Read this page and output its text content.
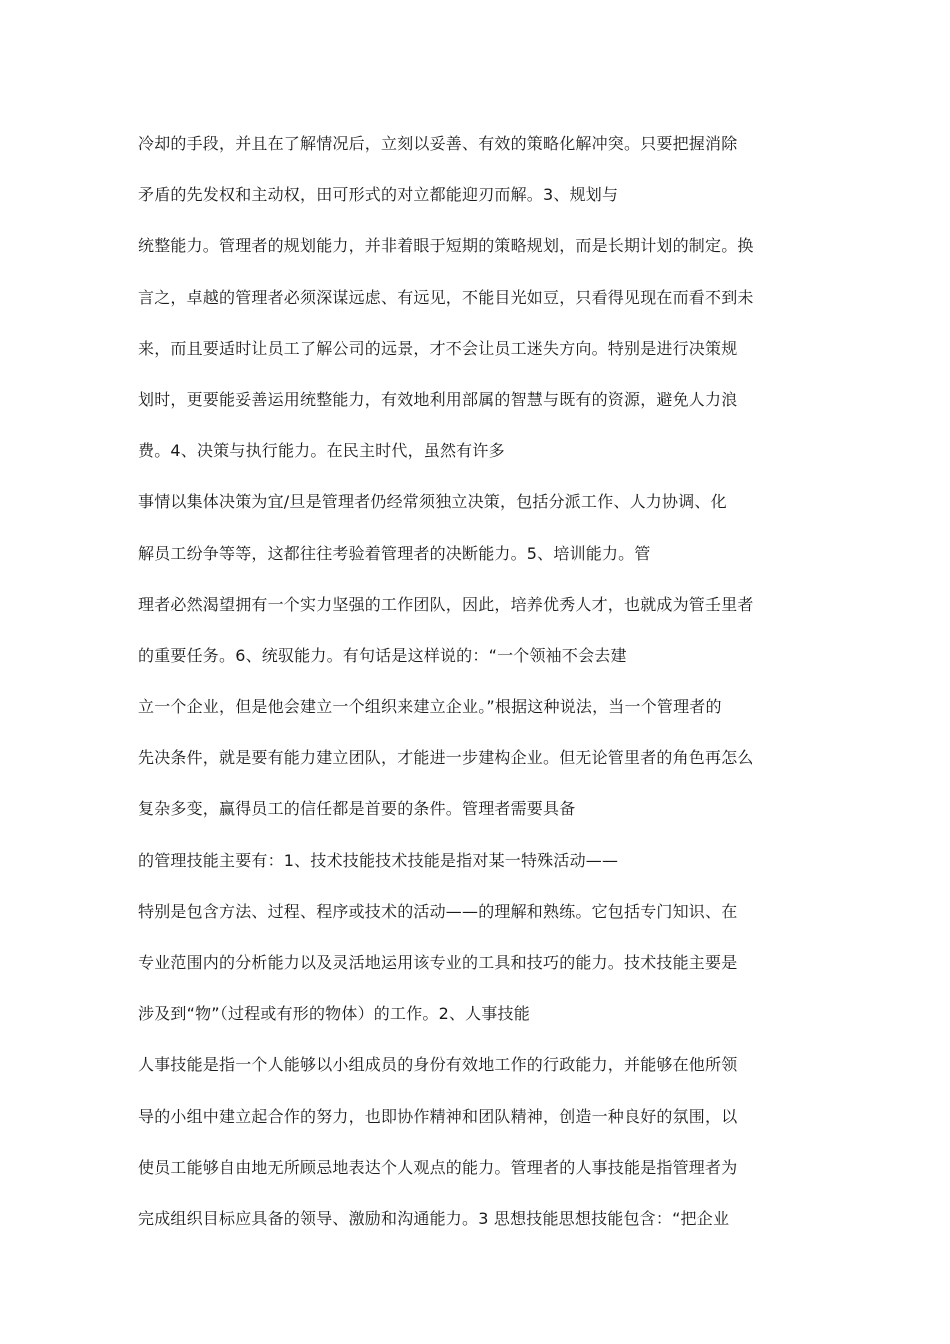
冷却的手段，并且在了解情况后，立刻以妥善、有效的策略化解冲突。只要把握消除
矛盾的先发权和主动权，田可形式的对立都能迎刃而解。3、规划与
统整能力。管理者的规划能力，并非着眼于短期的策略规划，而是长期计划的制定。换
言之，卓越的管理者必须深谋远虑、有远见，不能目光如豆，只看得见现在而看不到未
来，而且要适时让员工了解公司的远景，才不会让员工迷失方向。特别是进行决策规
划时，更要能妥善运用统整能力，有效地利用部属的智慧与既有的资源，避免人力浪
费。4、决策与执行能力。在民主时代，虽然有许多
事情以集体决策为宜/旦是管理者仍经常须独立决策，包括分派工作、人力协调、化
解员工纷争等等，这都往往考验着管理者的决断能力。5、培训能力。管
理者必然渴望拥有一个实力坚强的工作团队，因此，培养优秀人才，也就成为管壬里者
的重要任务。6、统驭能力。有句话是这样说的：“一个领袖不会去建
立一个企业，但是他会建立一个组织来建立企业。”根据这种说法，当一个管理者的
先决条件，就是要有能力建立团队，才能进一步建构企业。但无论管里者的角色再怎么
复杂多变，赢得员工的信任都是首要的条件。管理者需要具备
的管理技能主要有：1、技术技能技术技能是指对某一特殊活动——
特别是包含方法、过程、程序或技术的活动——的理解和熟练。它包括专门知识、在
专业范围内的分析能力以及灵活地运用该专业的工具和技巧的能力。技术技能主要是
涉及到“物”（过程或有形的物体）的工作。2、人事技能
人事技能是指一个人能够以小组成员的身份有效地工作的行政能力，并能够在他所领
导的小组中建立起合作的努力，也即协作精神和团队精神，创造一种良好的氛围，以
使员工能够自由地无所顾忌地表达个人观点的能力。管理者的人事技能是指管理者为
完成组织目标应具备的领导、激励和沟通能力。3 思想技能思想技能包含：“把企业
